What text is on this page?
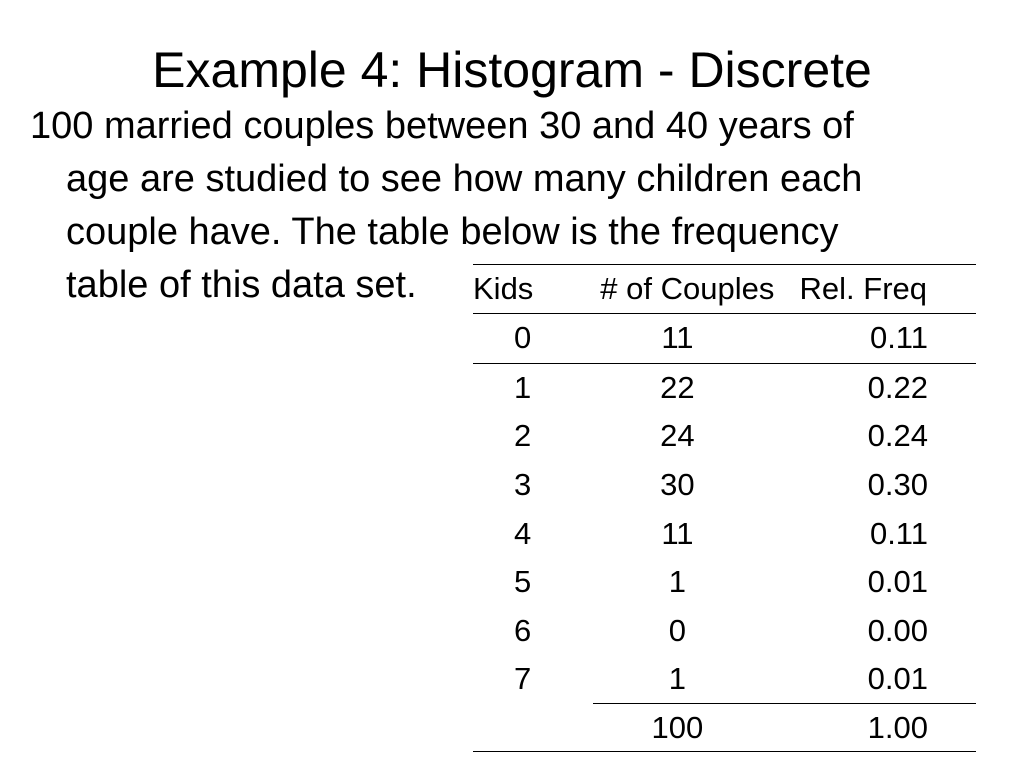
Example 4: Histogram - Discrete

100 married couples between 30 and 40 years of
age are studied to see how many children each
couple have. The table below is the frequency
table of this data set.	Kids	# of Couples	Rel. Freq
0	11	0.11
1	22	0.22
2	24	0.24
3	30	0.30
4	11	0.11
5	1	0.01
6	0	0.00
7	1	0.01
	100	1.00
